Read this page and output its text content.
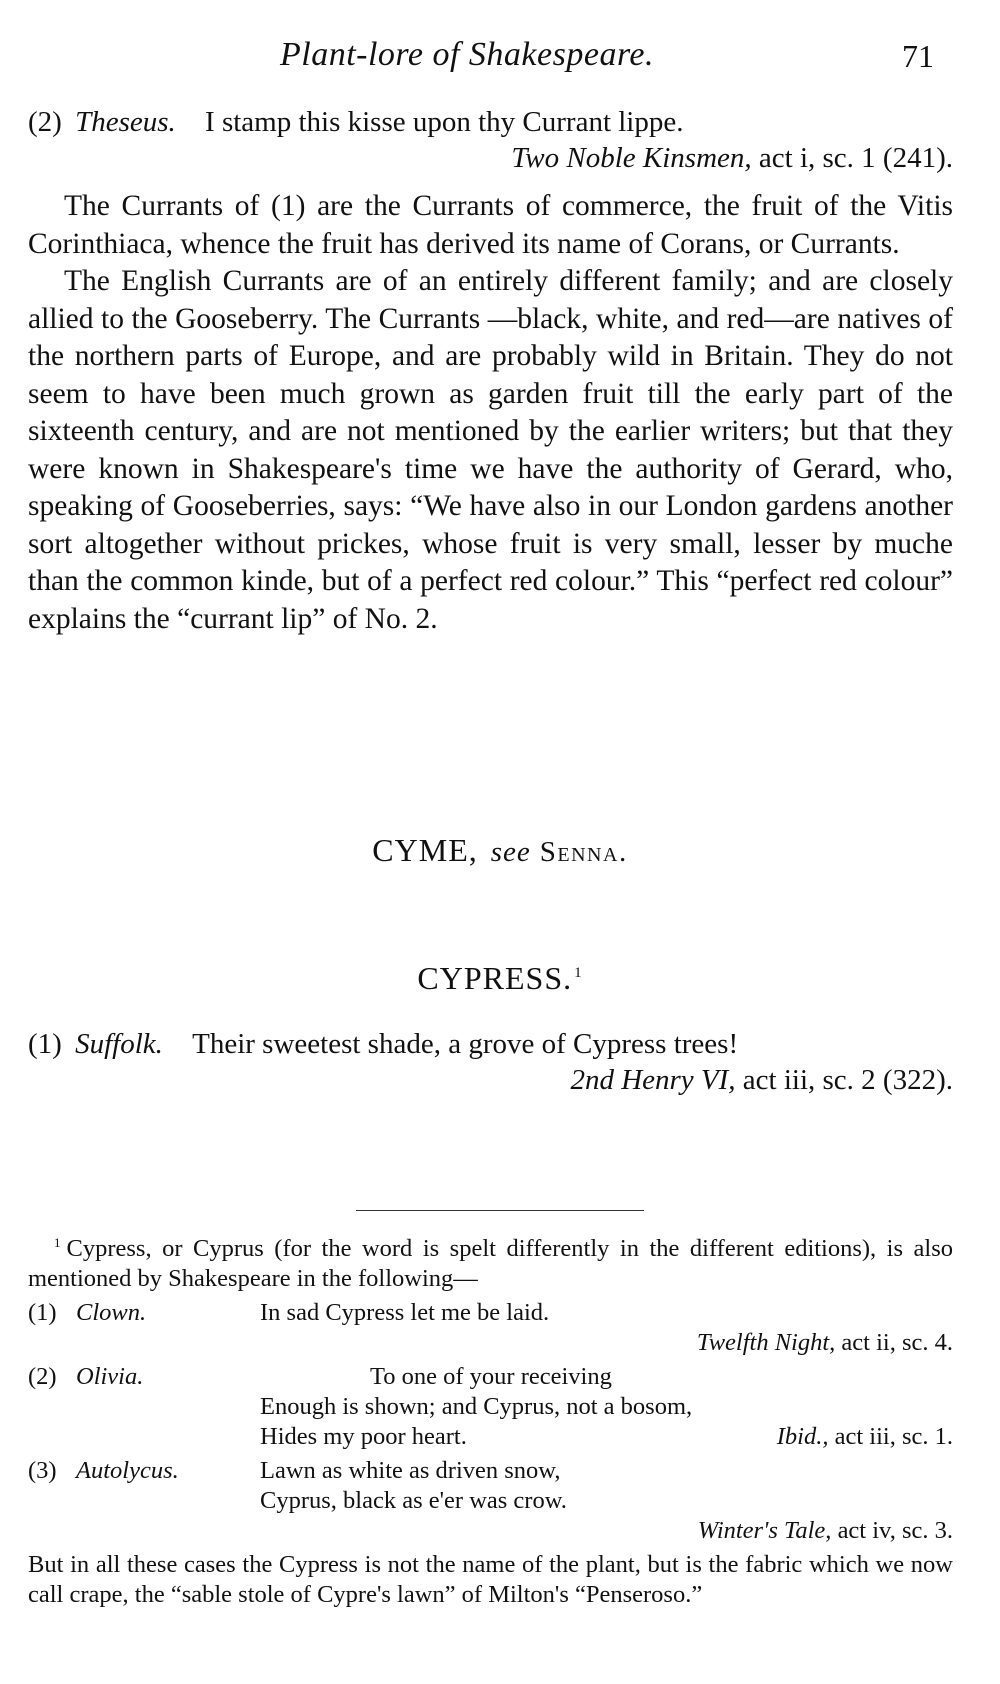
Plant-lore of Shakespeare.	71
(2) Theseus. I stamp this kisse upon thy Currant lippe.
Two Noble Kinsmen, act i, sc. 1 (241).

The Currants of (1) are the Currants of commerce, the fruit of the Vitis Corinthiaca, whence the fruit has derived its name of Corans, or Currants.

The English Currants are of an entirely different family; and are closely allied to the Gooseberry. The Currants —black, white, and red—are natives of the northern parts of Europe, and are probably wild in Britain. They do not seem to have been much grown as garden fruit till the early part of the sixteenth century, and are not mentioned by the earlier writers; but that they were known in Shakespeare's time we have the authority of Gerard, who, speaking of Gooseberries, says: “We have also in our London gardens another sort altogether without prickes, whose fruit is very small, lesser by muche than the common kinde, but of a perfect red colour.” This “perfect red colour” explains the “currant lip” of No. 2.

CYME, see Senna.
CYPRESS. $^1$
(1) Suffolk. Their sweetest shade, a grove of Cypress trees!
2nd Henry VI, act iii, sc. 2 (322).

$^1$ Cypress, or Cyprus (for the word is spelt differently in the different editions), is also mentioned by Shakespeare in the following—

(1) Clown.	In sad Cypress let me be laid.
Twelfth Night, act ii, sc. 4.
(2) Olivia.	To one of your receiving
Enough is shown; and Cyprus, not a bosom,
Hides my poor heart.	Ibid., act iii, sc. 1.
(3) Autolycus.	Lawn as white as driven snow,
Cyprus, black as e'er was crow.
Winter's Tale, act iv, sc. 3.

But in all these cases the Cypress is not the name of the plant, but is the fabric which we now call crape, the “sable stole of Cypre's lawn” of Milton's “Penseroso.”
